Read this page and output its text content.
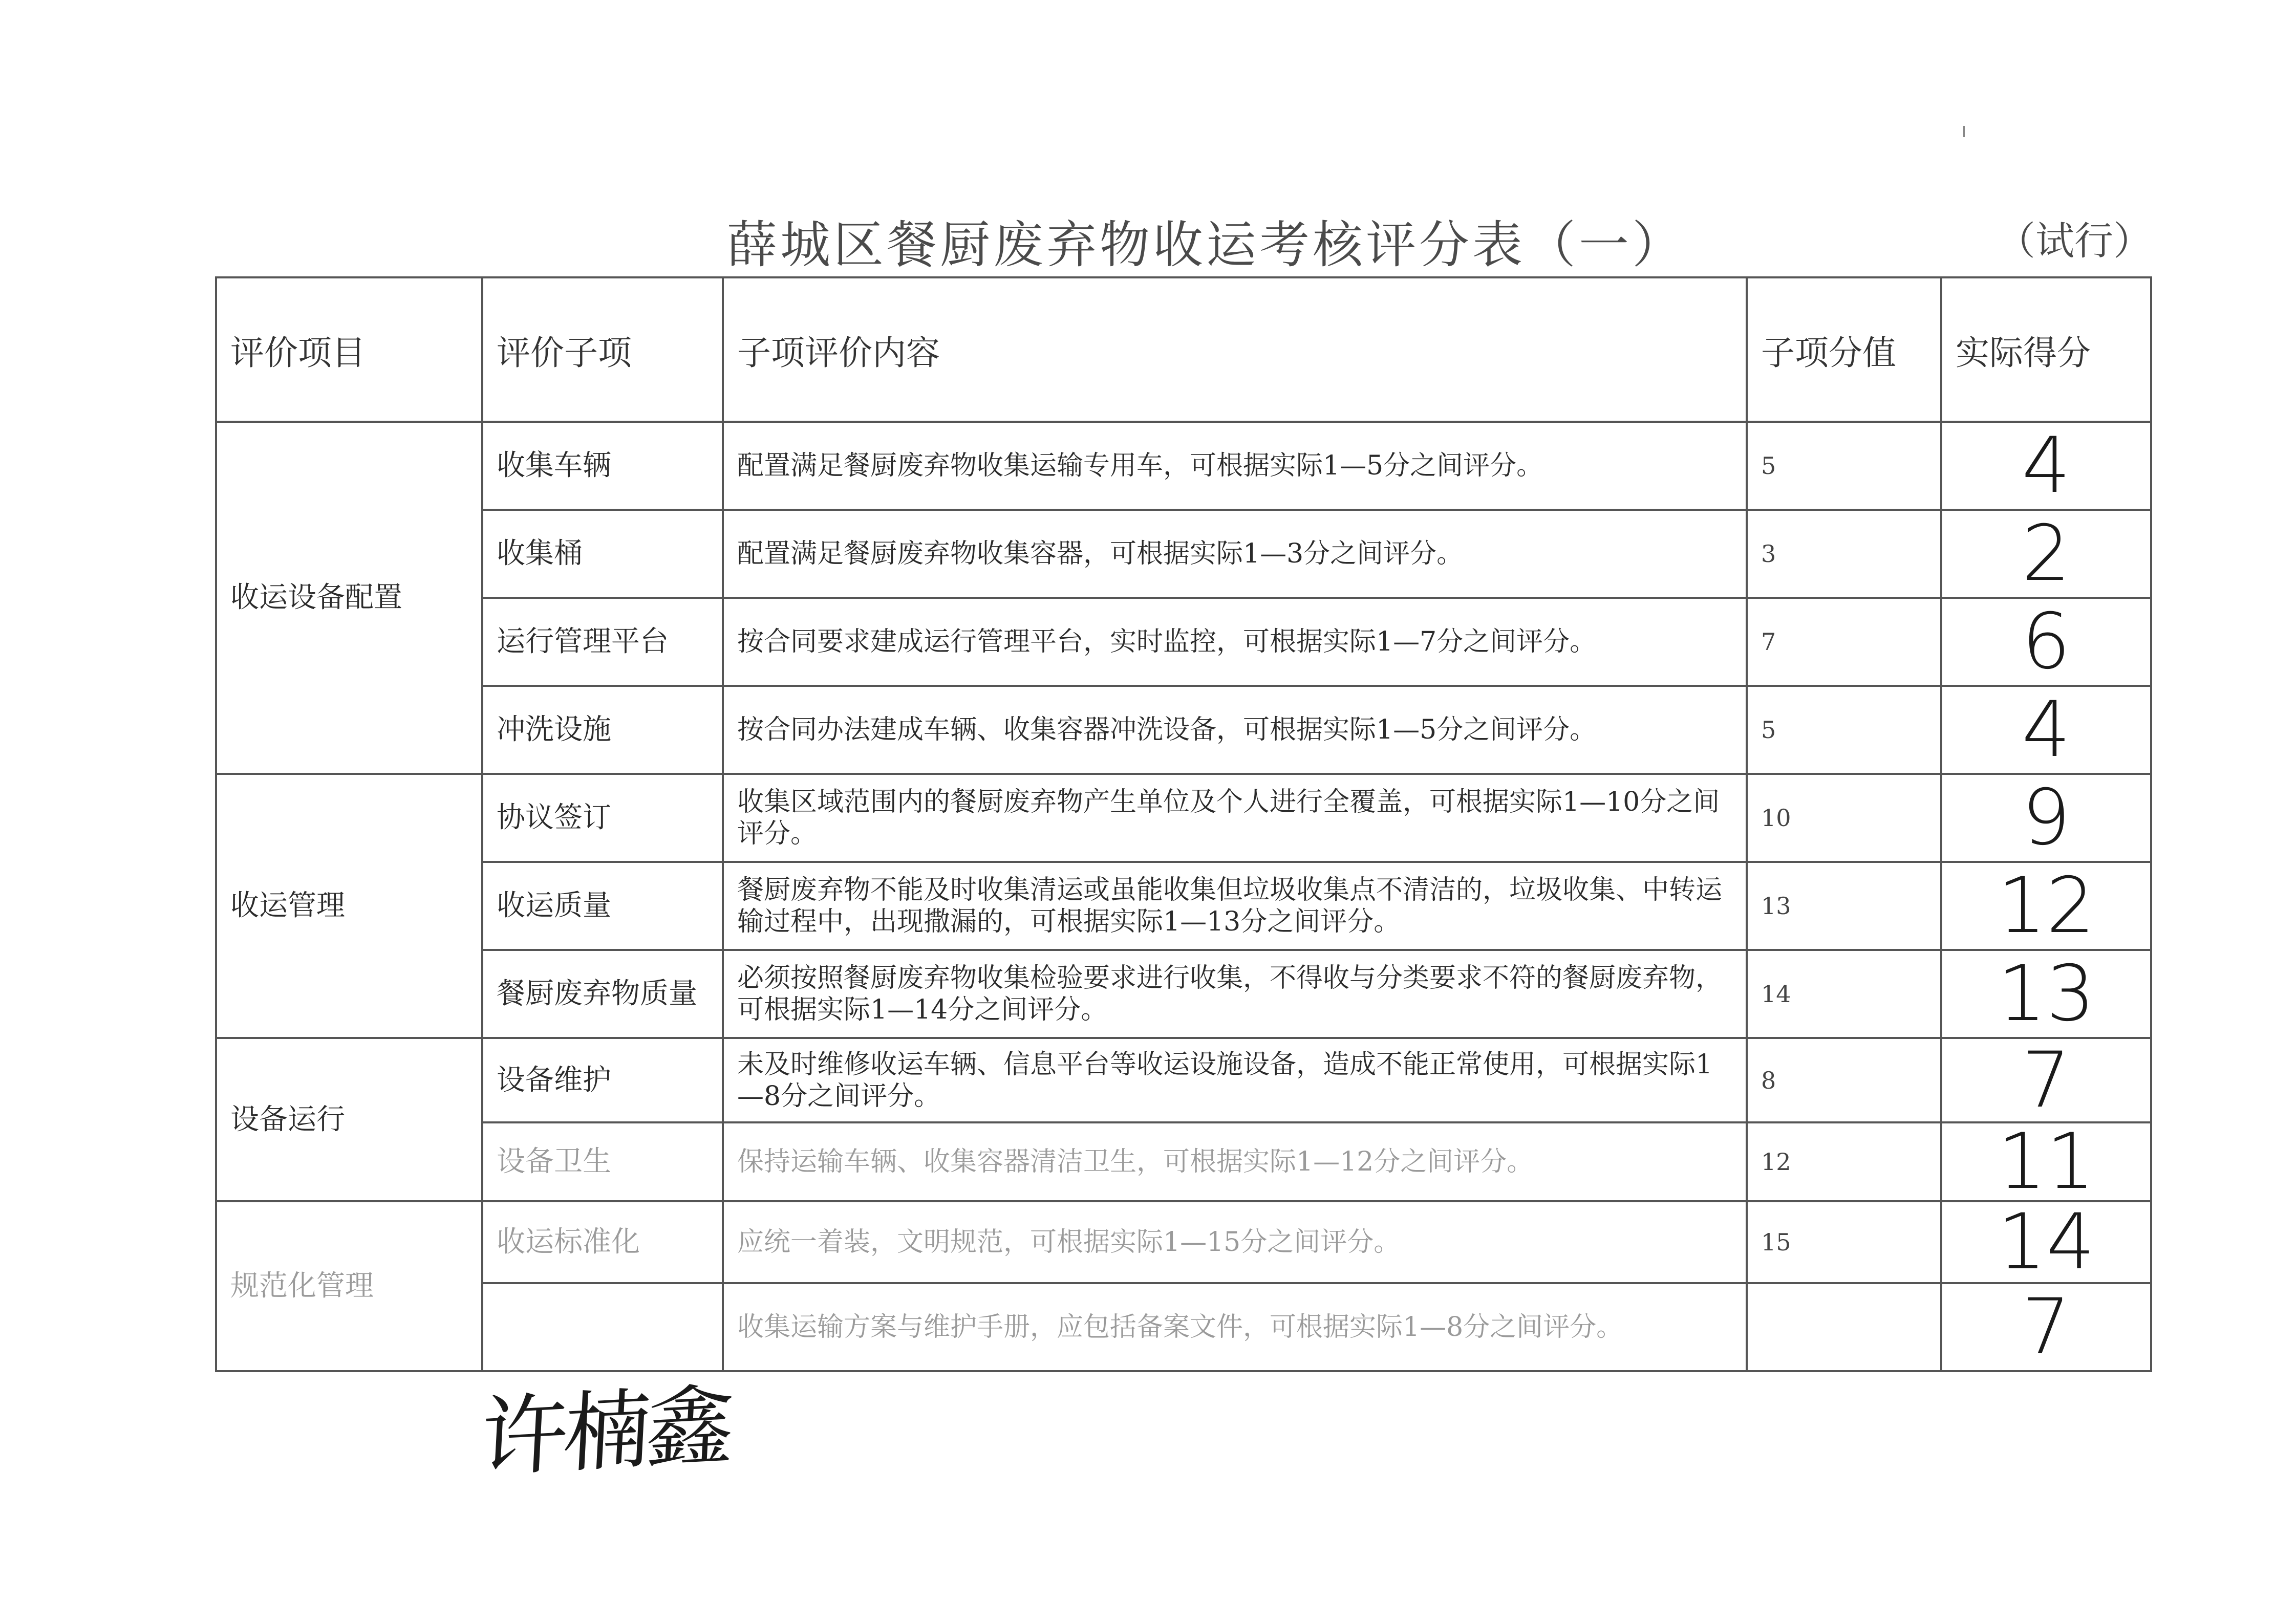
薛城区餐厨废弃物收运考核评分表（一）	（试行）
评价项目	评价子项	子项评价内容	子项分值	实际得分
收运设备配置	收集车辆	配置满足餐厨废弃物收集运输专用车，可根据实际1—5分之间评分。	5	4
	收集桶	配置满足餐厨废弃物收集容器，可根据实际1—3分之间评分。	3	2
	运行管理平台	按合同要求建成运行管理平台，实时监控，可根据实际1—7分之间评分。	7	6
	冲洗设施	按合同办法建成车辆、收集容器冲洗设备，可根据实际1—5分之间评分。	5	4
收运管理	协议签订	收集区域范围内的餐厨废弃物产生单位及个人进行全覆盖，可根据实际1—10分之间评分。	10	9
	收运质量	餐厨废弃物不能及时收集清运或虽能收集但垃圾收集点不清洁的，垃圾收集、中转运输过程中，出现撒漏的，可根据实际1—13分之间评分。	13	12
	餐厨废弃物质量	必须按照餐厨废弃物收集检验要求进行收集，不得收与分类要求不符的餐厨废弃物，可根据实际1—14分之间评分。	14	13
设备运行	设备维护	未及时维修收运车辆、信息平台等收运设施设备，造成不能正常使用，可根据实际1—8分之间评分。	8	7
	设备卫生	保持运输车辆、收集容器清洁卫生，可根据实际1—12分之间评分。	12	11
规范化管理	收运标准化	应统一着装，文明规范，可根据实际1—15分之间评分。	15	14
		收集运输方案与维护手册，应包括备案文件，可根据实际1—8分之间评分。		7
许楠鑫
